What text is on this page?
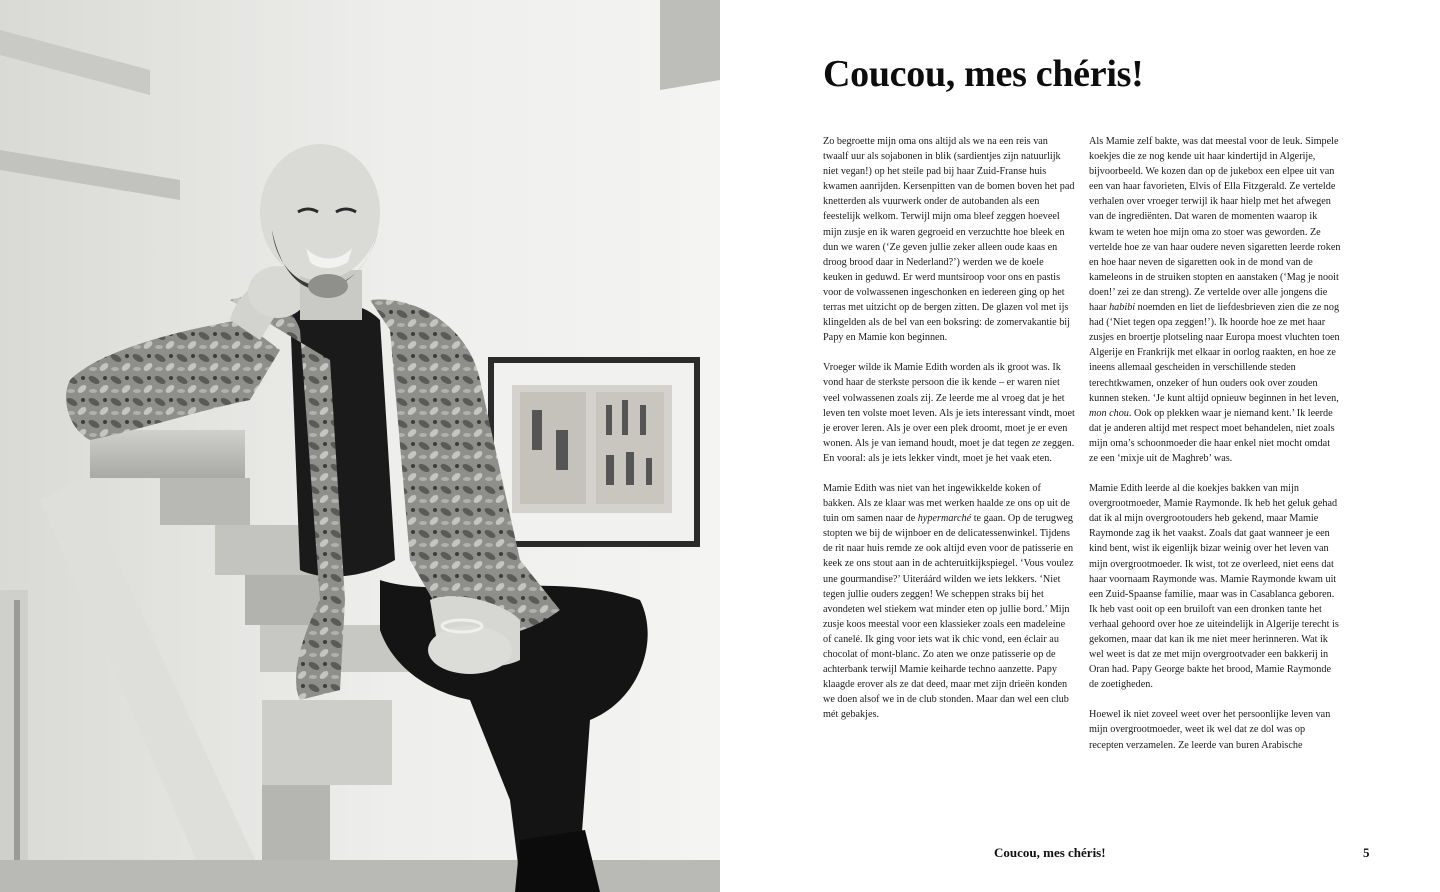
Coucou, mes chéris!

Zo begroette mijn oma ons altijd als we na een reis van twaalf uur als sojabonen in blik (sardientjes zijn natuurlijk niet vegan!) op het steile pad bij haar Zuid-Franse huis kwamen aanrijden. Kersenpitten van de bomen boven het pad knetterden als vuurwerk onder de autobanden als een feestelijk welkom. Terwijl mijn oma bleef zeggen hoeveel mijn zusje en ik waren gegroeid en verzuchtte hoe bleek en dun we waren (‘Ze geven jullie zeker alleen oude kaas en droog brood daar in Nederland?’) werden we de koele keuken in geduwd. Er werd muntsiroop voor ons en pastis voor de volwassenen ingeschonken en iedereen ging op het terras met uitzicht op de bergen zitten. De glazen vol met ijs klingelden als de bel van een boksring: de zomervakantie bij Papy en Mamie kon beginnen.

Vroeger wilde ik Mamie Edith worden als ik groot was. Ik vond haar de sterkste persoon die ik kende – er waren niet veel volwassenen zoals zij. Ze leerde me al vroeg dat je het leven ten volste moet leven. Als je iets interessant vindt, moet je erover leren. Als je over een plek droomt, moet je er even wonen. Als je van iemand houdt, moet je dat tegen ze zeggen. En vooral: als je iets lekker vindt, moet je het vaak eten.

Mamie Edith was niet van het ingewikkelde koken of bakken. Als ze klaar was met werken haalde ze ons op uit de tuin om samen naar de hypermarché te gaan. Op de terugweg stopten we bij de wijnboer en de delicatessenwinkel. Tijdens de rit naar huis remde ze ook altijd even voor de patisserie en keek ze ons stout aan in de achteruitkijkspiegel. ‘Vous voulez une gourmandise?’ Uiteráárd wilden we iets lekkers. ‘Niet tegen jullie ouders zeggen! We scheppen straks bij het avondeten wel stiekem wat minder eten op jullie bord.’ Mijn zusje koos meestal voor een klassieker zoals een madeleine of canelé. Ik ging voor iets wat ik chic vond, een éclair au chocolat of mont-blanc. Zo aten we onze patisserie op de achterbank terwijl Mamie keiharde techno aanzette. Papy klaagde erover als ze dat deed, maar met zijn drieën konden we doen alsof we in de club stonden. Maar dan wel een club mét gebakjes.

Als Mamie zelf bakte, was dat meestal voor de leuk. Simpele koekjes die ze nog kende uit haar kindertijd in Algerije, bijvoorbeeld. We kozen dan op de jukebox een elpee uit van een van haar favorieten, Elvis of Ella Fitzgerald. Ze vertelde verhalen over vroeger terwijl ik haar hielp met het afwegen van de ingrediënten. Dat waren de momenten waarop ik kwam te weten hoe mijn oma zo stoer was geworden. Ze vertelde hoe ze van haar oudere neven sigaretten leerde roken en hoe haar neven de sigaretten ook in de mond van de kameleons in de struiken stopten en aanstaken (‘Mag je nooit doen!’ zei ze dan streng). Ze vertelde over alle jongens die haar habibi noemden en liet de liefdesbrieven zien die ze nog had (‘Niet tegen opa zeggen!’). Ik hoorde hoe ze met haar zusjes en broertje plotseling naar Europa moest vluchten toen Algerije en Frankrijk met elkaar in oorlog raakten, en hoe ze ineens allemaal gescheiden in verschillende steden terechtkwamen, onzeker of hun ouders ook over zouden kunnen steken. ‘Je kunt altijd opnieuw beginnen in het leven, mon chou. Ook op plekken waar je niemand kent.’ Ik leerde dat je anderen altijd met respect moet behandelen, niet zoals mijn oma’s schoonmoeder die haar enkel niet mocht omdat ze een ‘mixje uit de Maghreb’ was.

Mamie Edith leerde al die koekjes bakken van mijn overgrootmoeder, Mamie Raymonde. Ik heb het geluk gehad dat ik al mijn overgrootouders heb gekend, maar Mamie Raymonde zag ik het vaakst. Zoals dat gaat wanneer je een kind bent, wist ik eigenlijk bizar weinig over het leven van mijn overgrootmoeder. Ik wist, tot ze overleed, niet eens dat haar voornaam Raymonde was. Mamie Raymonde kwam uit een Zuid-Spaanse familie, maar was in Casablanca geboren. Ik heb vast ooit op een bruiloft van een dronken tante het verhaal gehoord over hoe ze uiteindelijk in Algerije terecht is gekomen, maar dat kan ik me niet meer herinneren. Wat ik wel weet is dat ze met mijn overgrootvader een bakkerij in Oran had. Papy George bakte het brood, Mamie Raymonde de zoetigheden.

Hoewel ik niet zoveel weet over het persoonlijke leven van mijn overgrootmoeder, weet ik wel dat ze dol was op recepten verzamelen. Ze leerde van buren Arabische

Coucou, mes chéris!	5
